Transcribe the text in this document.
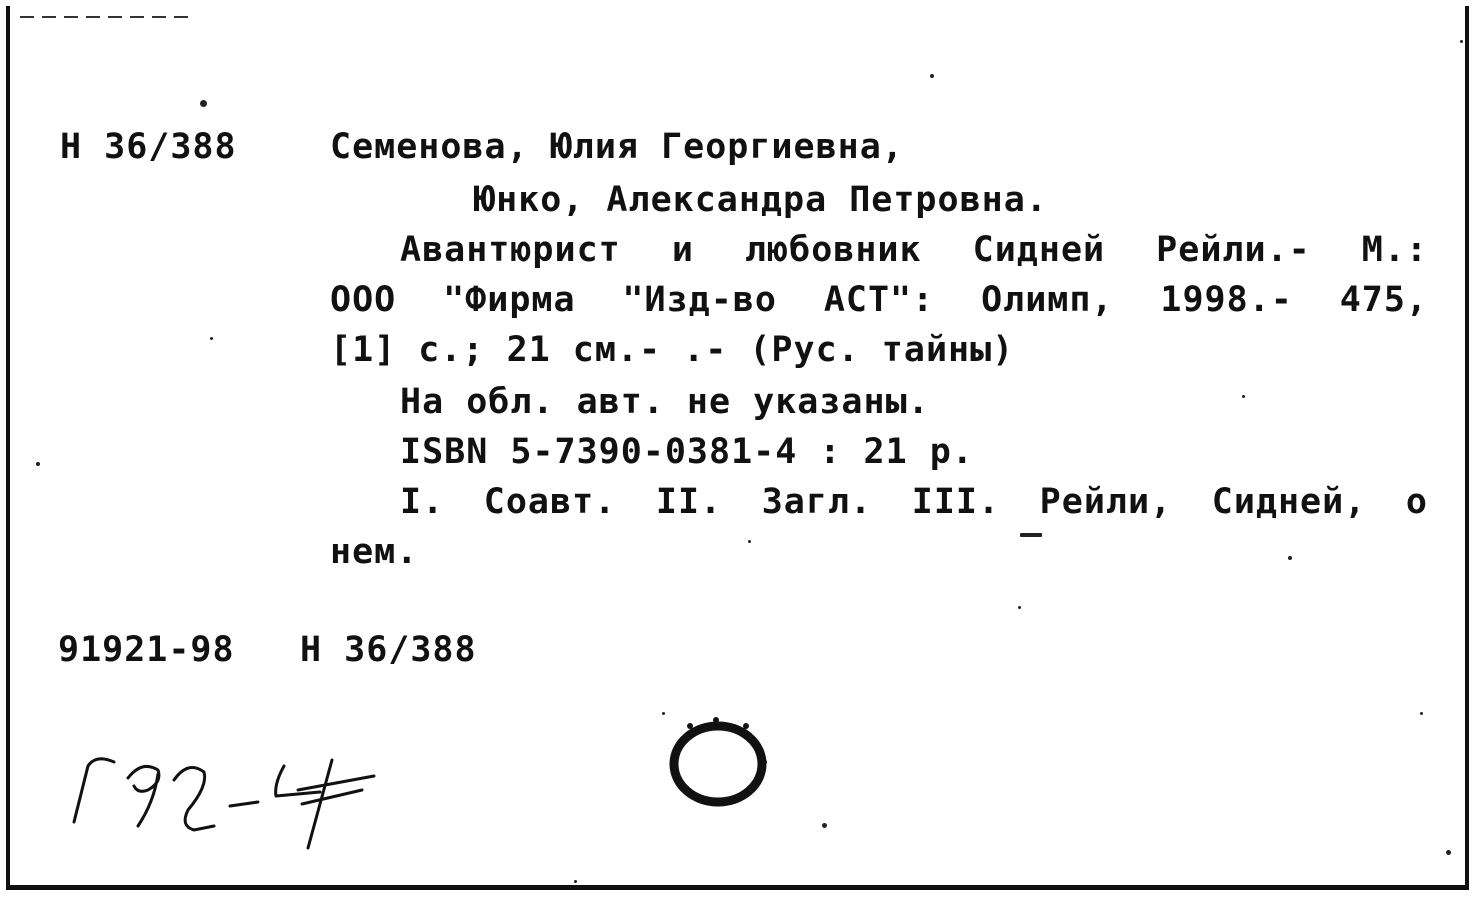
Н 36/388	Семенова, Юлия Георгиевна,
Юнко, Александра Петровна.
Авантюрист и любовник Сидней Рейли.- М.:
ООО "Фирма "Изд-во АСТ": Олимп, 1998.- 475,
[1] с.; 21 см.- .- (Рус. тайны)
На обл. авт. не указаны.
ISBN 5-7390-0381-4 : 21 р.
I. Соавт. II. Загл. III. Рейли, Сидней, о
нем.
91921-98 Н 36/388
